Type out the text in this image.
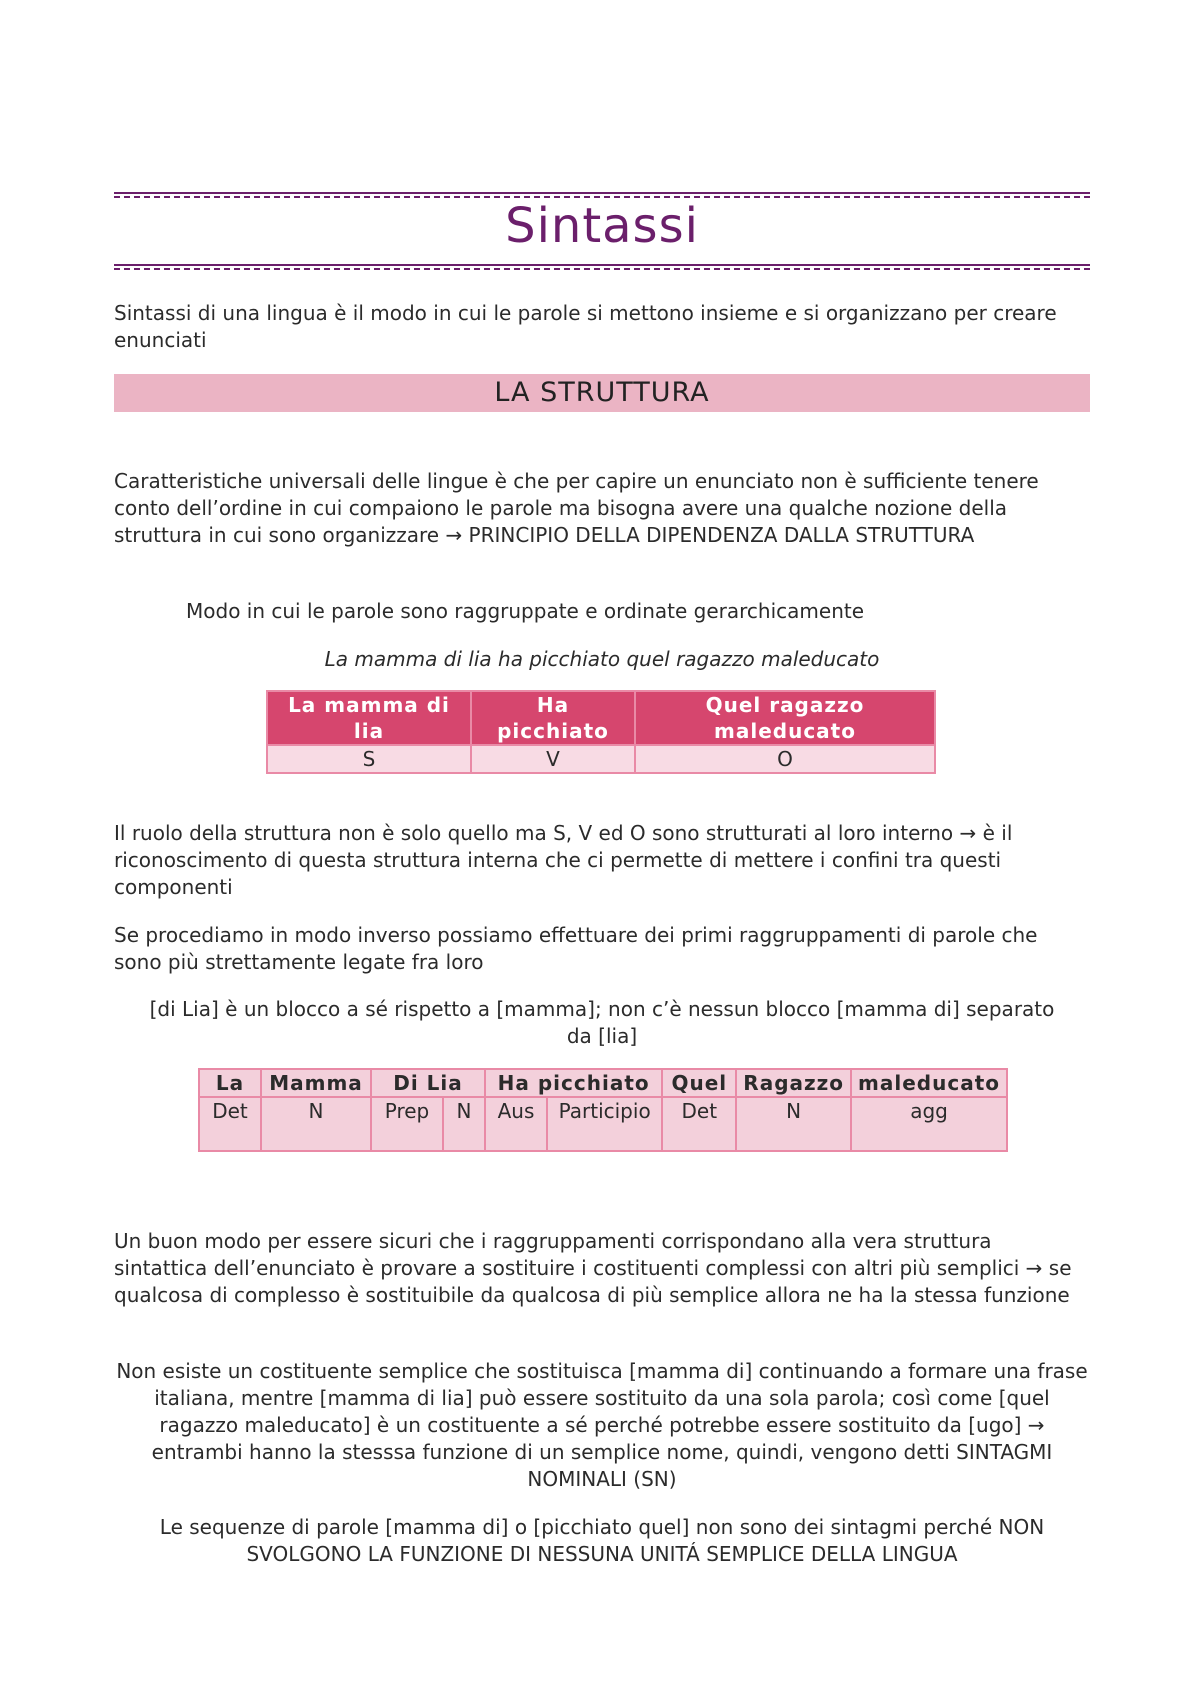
Sintassi

Sintassi di una lingua è il modo in cui le parole si mettono insieme e si organizzano per creare enunciati

LA STRUTTURA

Caratteristiche universali delle lingue è che per capire un enunciato non è sufficiente tenere conto dell’ordine in cui compaiono le parole ma bisogna avere una qualche nozione della struttura in cui sono organizzare → PRINCIPIO DELLA DIPENDENZA DALLA STRUTTURA

Modo in cui le parole sono raggruppate e ordinate gerarchicamente

La mamma di lia ha picchiato quel ragazzo maleducato

La mamma di lia	Ha picchiato	Quel ragazzo maleducato
S	V	O

Il ruolo della struttura non è solo quello ma S, V ed O sono strutturati al loro interno → è il riconoscimento di questa struttura interna che ci permette di mettere i confini tra questi componenti

Se procediamo in modo inverso possiamo effettuare dei primi raggruppamenti di parole che sono più strettamente legate fra loro

[di Lia] è un blocco a sé rispetto a [mamma]; non c’è nessun blocco [mamma di] separato da [lia]

La	Mamma	Di Lia		Ha picchiato		Quel	Ragazzo	maleducato
Det	N	Prep	N	Aus	Participio	Det	N	agg

Un buon modo per essere sicuri che i raggruppamenti corrispondano alla vera struttura sintattica dell’enunciato è provare a sostituire i costituenti complessi con altri più semplici → se qualcosa di complesso è sostituibile da qualcosa di più semplice allora ne ha la stessa funzione

Non esiste un costituente semplice che sostituisca [mamma di] continuando a formare una frase italiana, mentre [mamma di lia] può essere sostituito da una sola parola; così come [quel ragazzo maleducato] è un costituente a sé perché potrebbe essere sostituito da [ugo] → entrambi hanno la stesssa funzione di un semplice nome, quindi, vengono detti SINTAGMI NOMINALI (SN)

Le sequenze di parole [mamma di] o [picchiato quel] non sono dei sintagmi perché NON SVOLGONO LA FUNZIONE DI NESSUNA UNITÁ SEMPLICE DELLA LINGUA
